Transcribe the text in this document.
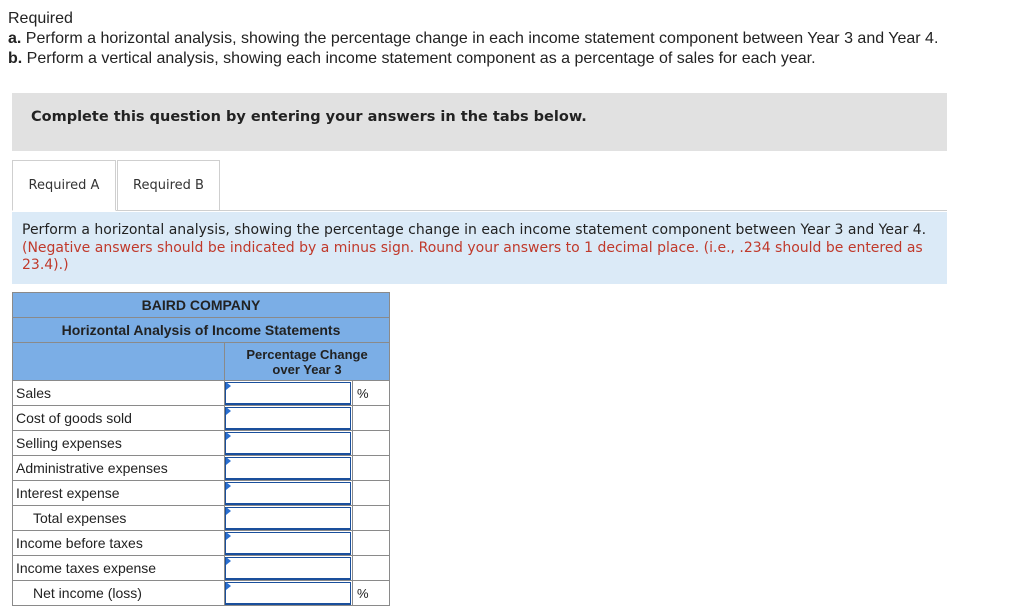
Required
a. Perform a horizontal analysis, showing the percentage change in each income statement component between Year 3 and Year 4.
b. Perform a vertical analysis, showing each income statement component as a percentage of sales for each year.
Complete this question by entering your answers in the tabs below.
Required A	Required B
Perform a horizontal analysis, showing the percentage change in each income statement component between Year 3 and Year 4. (Negative answers should be indicated by a minus sign. Round your answers to 1 decimal place. (i.e., .234 should be entered as 23.4).)
BAIRD COMPANY		
Horizontal Analysis of Income Statements		

	Percentage Change
over Year 3	

Sales		%
Cost of goods sold	

Selling expenses	

Administrative expenses	

Interest expense	

Total expenses	

Income before taxes	

Income taxes expense	

Net income (loss)		%
